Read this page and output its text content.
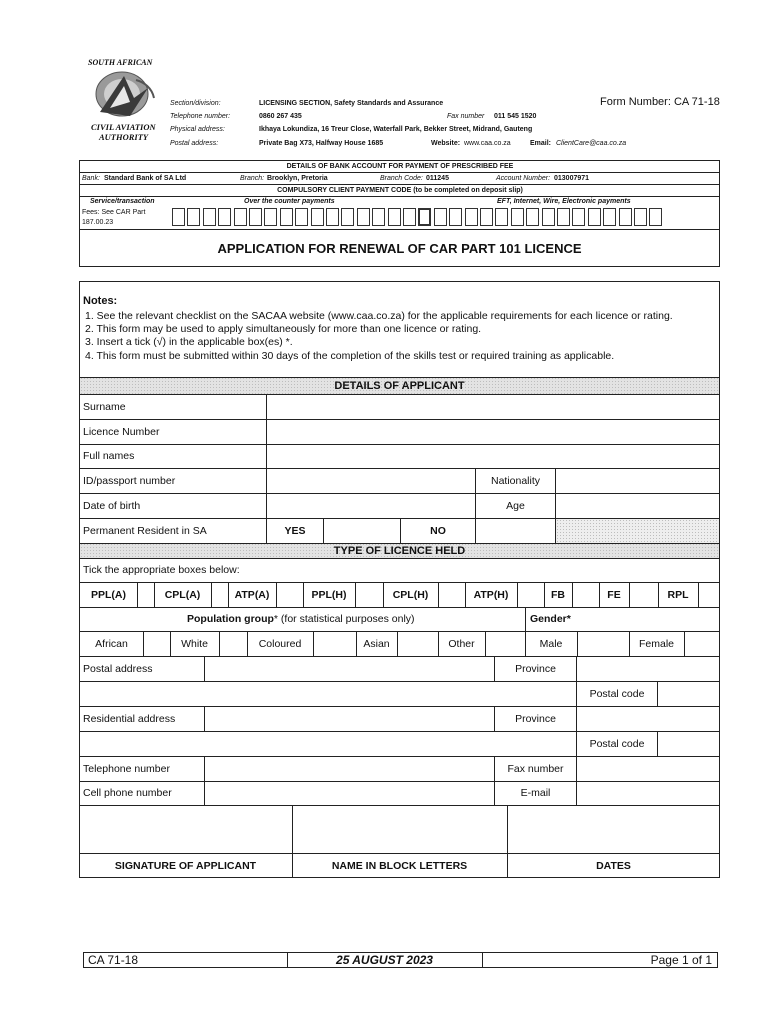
SOUTH AFRICAN
CIVIL AVIATION
AUTHORITY
Form Number: CA 71-18
Section/division:	LICENSING SECTION, Safety Standards and Assurance
Telephone number:	0860 267 435	Fax number 011 545 1520
Physical address:	Ikhaya Lokundiza, 16 Treur Close, Waterfall Park, Bekker Street, Midrand, Gauteng
Postal address:	Private Bag X73, Halfway House 1685	Website: www.caa.co.za	Email: ClientCare@caa.co.za
DETAILS OF BANK ACCOUNT FOR PAYMENT OF PRESCRIBED FEE
Bank: Standard Bank of SA Ltd	Branch: Brooklyn, Pretoria	Branch Code: 011245	Account Number: 013007971
COMPULSORY CLIENT PAYMENT CODE (to be completed on deposit slip)
Service/transaction	Over the counter payments	EFT, Internet, Wire, Electronic payments
Fees: See CAR Part
187.00.23
APPLICATION FOR RENEWAL OF CAR PART 101 LICENCE
Notes:
1. See the relevant checklist on the SACAA website (www.caa.co.za) for the applicable requirements for each licence or rating.
2. This form may be used to apply simultaneously for more than one licence or rating.
3. Insert a tick (√) in the applicable box(es) *.
4. This form must be submitted within 30 days of the completion of the skills test or required training as applicable.
DETAILS OF APPLICANT
Surname
Licence Number
Full names
ID/passport number	Nationality
Date of birth	Age
Permanent Resident in SA	YES	NO
TYPE OF LICENCE HELD
Tick the appropriate boxes below:
PPL(A)	CPL(A)	ATP(A)	PPL(H)	CPL(H)	ATP(H)	FB	FE	RPL
Population group * (for statistical purposes only)	Gender*
African	White	Coloured	Asian	Other	Male	Female
Postal address	Province
Postal code
Residential address	Province
Postal code
Telephone number	Fax number
Cell phone number	E-mail
SIGNATURE OF APPLICANT	NAME IN BLOCK LETTERS	DATES
CA 71-18	25 AUGUST 2023	Page 1 of 1
